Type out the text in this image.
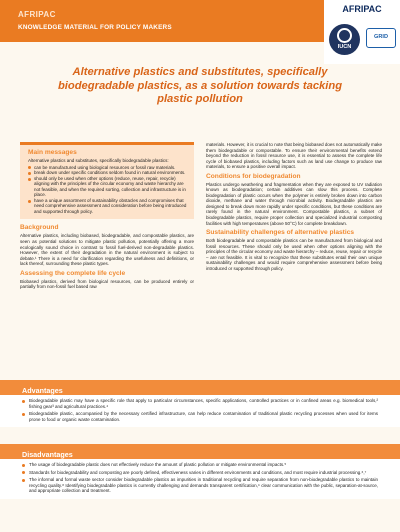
AFRIPAC
KNOWLEDGE MATERIAL FOR POLICY MAKERS
AFRIPAC
IUCN
GRID
Alternative plastics and substitutes, specifically biodegradable plastics, as a solution towards tacking plastic pollution
Main messages

Alternative plastics and substitutes, specifically biodegradable plastics:

can be manufactured using biological resources or fossil raw materials.
break down under specific conditions seldom found in natural environments.
should only be used when other options (reduce, reuse, repair, recycle) aligning with the principles of the circular economy and waste hierarchy are not feasible, and when the required sorting, collection and infrastructure is in place.
have a unique assortment of sustainability obstacles and compromises that need comprehensive assessment and consideration before being introduced and supported through policy.
Background

Alternative plastics, including biobased, biodegradable, and compostable plastics, are seen as potential solutions to mitigate plastic pollution, potentially offering a more ecologically sound choice in contrast to fossil fuel-derived non-degradable plastics. However, the extent of their degradation in the natural environment is subject to debate.¹ There is a need for clarification regarding the usefulness and definitions, or lack thereof, surrounding these plastic types.

Assessing the complete life cycle

Biobased plastics, derived from biological resources, can be produced entirely or partially from non-fossil fuel based raw

materials. However, it is crucial to note that being biobased does not automatically make them biodegradable or compostable. To ensure their environmental benefits extend beyond the reduction in fossil resource use, it is essential to assess the complete life cycle of biobased plastics, including factors such as land use change to produce raw materials, to ensure a positive overall impact.

Conditions for biodegradation

Plastics undergo weathering and fragmentation when they are exposed to UV radiation known as biodegradation; certain additives can slow this process. Complete biodegradation of plastic occurs when the polymer is entirely broken down into carbon dioxide, methane and water through microbial activity. Biodegradable plastics are designed to break down more rapidly under specific conditions, but these conditions are rarely found in the natural environment. Compostable plastics, a subset of biodegradable plastics, require proper collection and specialized industrial composting facilities with high temperatures (above 50°C) for complete breakdown.

Sustainability challenges of alternative plastics

Both biodegradable and compostable plastics can be manufactured from biological and fossil resources. These should only be used when other options aligning with the principles of the circular economy and waste hierarchy – reduce, reuse, repair or recycle – are not feasible. It is vital to recognize that these substitutes entail their own unique sustainability challenges and would require comprehensive assessment before being introduced or supported through policy.

Advantages
Biodegradable plastic may have a specific role that apply to particular circumstances, specific applications, controlled practices or in confined areas e.g. biomedical tools,² fishing gear³ and agricultural practices.⁴
Biodegradable plastic, accompanied by the necessary certified infrastructure, can help reduce contamination of traditional plastic recycling processes when used for items prone to food or organic waste contamination.
Disadvantages
The usage of biodegradable plastic does not effectively reduce the amount of plastic pollution or mitigate environmental impacts.⁵
Standards for biodegradability and composting are poorly defined, effectiveness varies in different environments and conditions, and most require industrial processing.⁶,⁷
The informal and formal waste sector consider biodegradable plastics as impurities in traditional recycling and require separation from non-biodegradable plastics to maintain recycling quality.⁸ Identifying biodegradable plastics is currently challenging and demands transparent certification,⁹ clear communication with the public, separation-at-source, and appropriate collection and treatment.
